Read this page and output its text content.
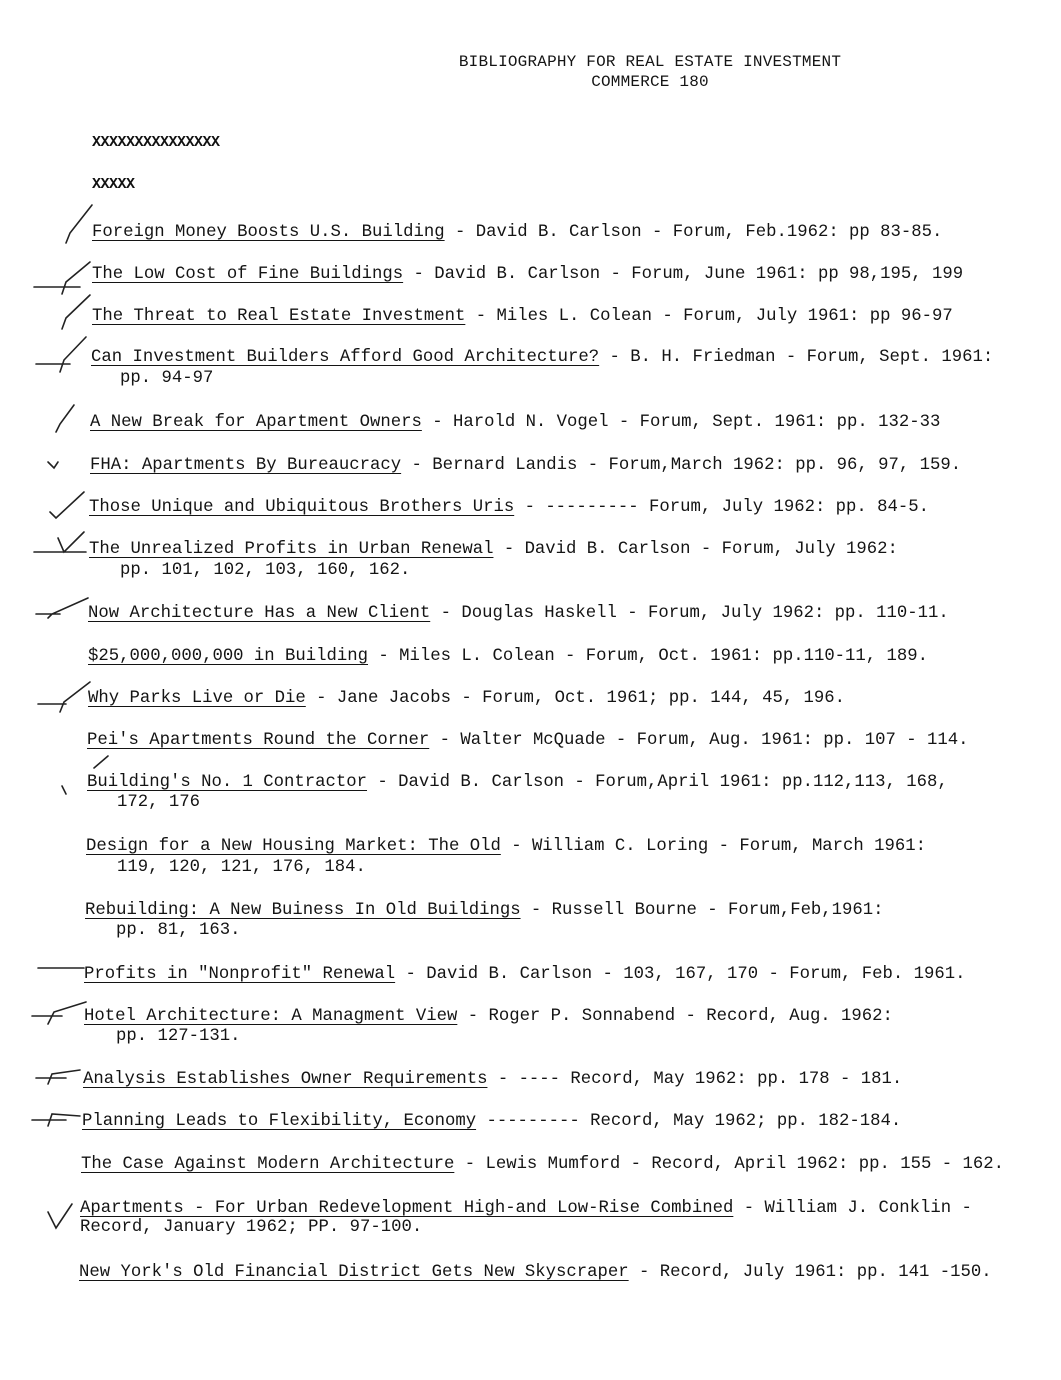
BIBLIOGRAPHY FOR REAL ESTATE INVESTMENT
COMMERCE 180
XXXXXXXXXXXXXXX
XXXXX
Foreign Money Boosts U.S. Building - David B. Carlson - Forum, Feb.1962: pp 83-85.
The Low Cost of Fine Buildings - David B. Carlson - Forum, June 1961: pp 98,195, 199
The Threat to Real Estate Investment - Miles L. Colean - Forum, July 1961: pp 96-97
Can Investment Builders Afford Good Architecture? - B. H. Friedman - Forum, Sept. 1961:
pp. 94-97
A New Break for Apartment Owners - Harold N. Vogel - Forum, Sept. 1961: pp. 132-33
FHA: Apartments By Bureaucracy - Bernard Landis - Forum,March 1962: pp. 96, 97, 159.
Those Unique and Ubiquitous Brothers Uris - --------- Forum, July 1962: pp. 84-5.
The Unrealized Profits in Urban Renewal - David B. Carlson - Forum, July 1962:
pp. 101, 102, 103, 160, 162.
Now Architecture Has a New Client - Douglas Haskell - Forum, July 1962: pp. 110-11.
$25,000,000,000 in Building - Miles L. Colean - Forum, Oct. 1961: pp.110-11, 189.
Why Parks Live or Die - Jane Jacobs - Forum, Oct. 1961; pp. 144, 45, 196.
Pei's Apartments Round the Corner - Walter McQuade - Forum, Aug. 1961: pp. 107 - 114.
Building's No. 1 Contractor - David B. Carlson - Forum,April 1961: pp.112,113, 168,
172, 176
Design for a New Housing Market: The Old - William C. Loring - Forum, March 1961:
119, 120, 121, 176, 184.
Rebuilding: A New Buiness In Old Buildings - Russell Bourne - Forum,Feb,1961:
pp. 81, 163.
Profits in "Nonprofit" Renewal - David B. Carlson - 103, 167, 170 - Forum, Feb. 1961.
Hotel Architecture: A Managment View - Roger P. Sonnabend - Record, Aug. 1962:
pp. 127-131.
Analysis Establishes Owner Requirements - ---- Record, May 1962: pp. 178 - 181.
Planning Leads to Flexibility, Economy --------- Record, May 1962; pp. 182-184.
The Case Against Modern Architecture - Lewis Mumford - Record, April 1962: pp. 155 - 162.
Apartments - For Urban Redevelopment High-and Low-Rise Combined - William J. Conklin -
Record, January 1962; PP. 97-100.
New York's Old Financial District Gets New Skyscraper - Record, July 1961: pp. 141 -150.
